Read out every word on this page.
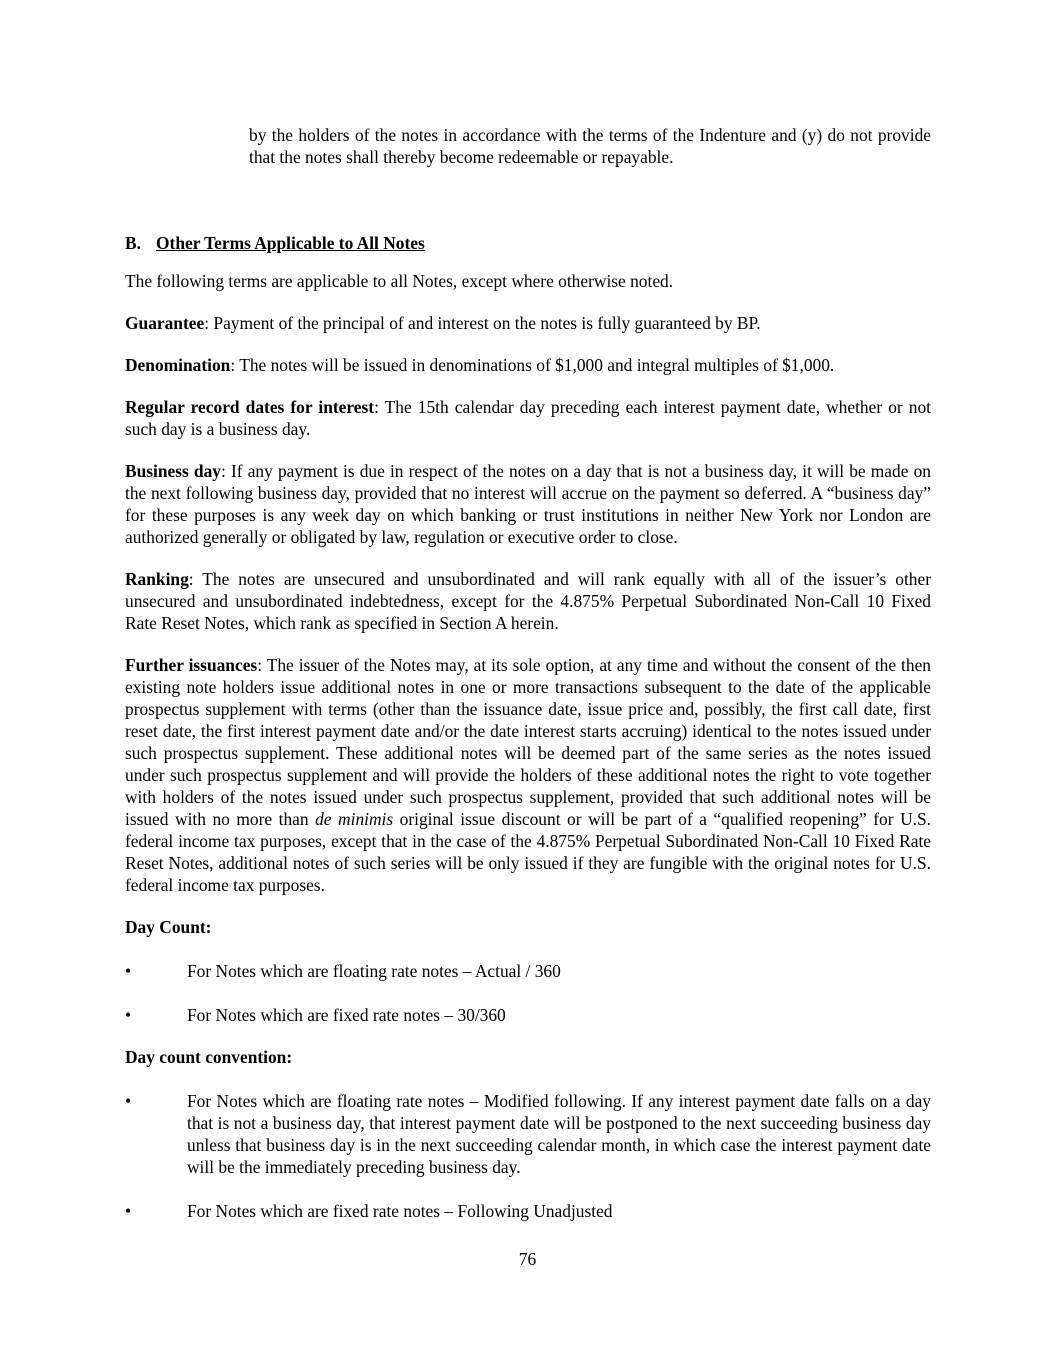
by the holders of the notes in accordance with the terms of the Indenture and (y) do not provide that the notes shall thereby become redeemable or repayable.

B. Other Terms Applicable to All Notes

The following terms are applicable to all Notes, except where otherwise noted.

Guarantee: Payment of the principal of and interest on the notes is fully guaranteed by BP.

Denomination: The notes will be issued in denominations of $1,000 and integral multiples of $1,000.

Regular record dates for interest: The 15th calendar day preceding each interest payment date, whether or not such day is a business day.

Business day: If any payment is due in respect of the notes on a day that is not a business day, it will be made on the next following business day, provided that no interest will accrue on the payment so deferred. A “business day” for these purposes is any week day on which banking or trust institutions in neither New York nor London are authorized generally or obligated by law, regulation or executive order to close.

Ranking: The notes are unsecured and unsubordinated and will rank equally with all of the issuer’s other unsecured and unsubordinated indebtedness, except for the 4.875% Perpetual Subordinated Non-Call 10 Fixed Rate Reset Notes, which rank as specified in Section A herein.

Further issuances: The issuer of the Notes may, at its sole option, at any time and without the consent of the then existing note holders issue additional notes in one or more transactions subsequent to the date of the applicable prospectus supplement with terms (other than the issuance date, issue price and, possibly, the first call date, first reset date, the first interest payment date and/or the date interest starts accruing) identical to the notes issued under such prospectus supplement. These additional notes will be deemed part of the same series as the notes issued under such prospectus supplement and will provide the holders of these additional notes the right to vote together with holders of the notes issued under such prospectus supplement, provided that such additional notes will be issued with no more than de minimis original issue discount or will be part of a “qualified reopening” for U.S. federal income tax purposes, except that in the case of the 4.875% Perpetual Subordinated Non-Call 10 Fixed Rate Reset Notes, additional notes of such series will be only issued if they are fungible with the original notes for U.S. federal income tax purposes.

Day Count:
•	For Notes which are floating rate notes – Actual / 360
•	For Notes which are fixed rate notes – 30/360
Day count convention:
•	For Notes which are floating rate notes – Modified following. If any interest payment date falls on a day that is not a business day, that interest payment date will be postponed to the next succeeding business day unless that business day is in the next succeeding calendar month, in which case the interest payment date will be the immediately preceding business day.
•	For Notes which are fixed rate notes – Following Unadjusted
76
